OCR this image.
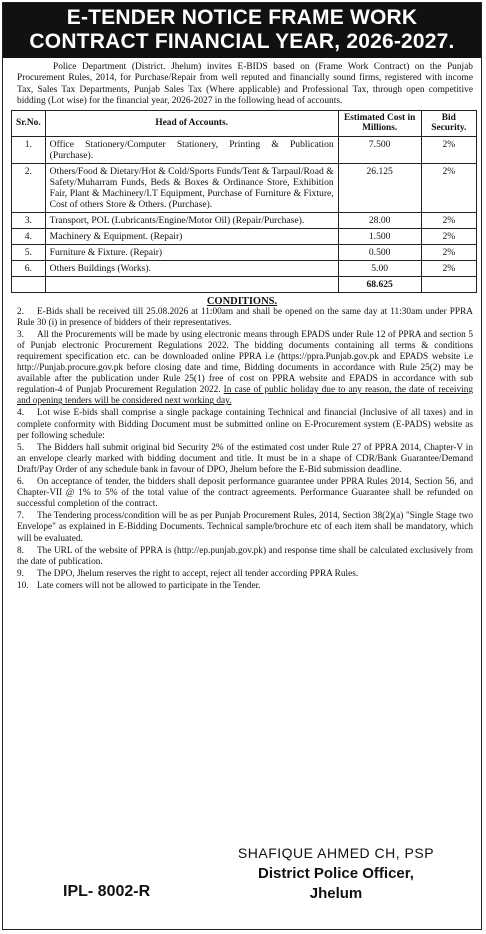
E-TENDER NOTICE FRAME WORK
CONTRACT FINANCIAL YEAR, 2026-2027.
Police Department (District. Jhelum) invites E-BIDS based on (Frame Work Contract) on the Punjab Procurement Rules, 2014, for Purchase/Repair from well reputed and financially sound firms, registered with income Tax, Sales Tax Departments, Punjab Sales Tax (Where applicable) and Professional Tax, through open competitive bidding (Lot wise) for the financial year, 2026-2027 in the following head of accounts.
Sr.No.	Head of Accounts.	Estimated Cost in Millions.	Bid Security.
1.	Office Stationery/Computer Stationery, Printing & Publication (Purchase).	7.500	2%
2.	Others/Food & Dietary/Hot & Cold/Sports Funds/Tent & Tarpaul/Road & Safety/Muharram Funds, Beds & Boxes & Ordinance Store, Exhibition Fair, Plant & Machinery/I.T Equipment, Purchase of Furniture & Fixture, Cost of others Store & Others. (Purchase).	26.125	2%
3.	Transport, POL (Lubricants/Engine/Motor Oil) (Repair/Purchase).	28.00	2%
4.	Machinery & Equipment. (Repair)	1.500	2%
5.	Furniture & Fixture. (Repair)	0.500	2%
6.	Others Buildings (Works).	5.00	2%
		68.625	
CONDITIONS.

2. E-Bids shall be received till 25.08.2026 at 11:00am and shall be opened on the same day at 11:30am under PPRA Rule 30 (i) in presence of bidders of their representatives.

3. All the Procurements will be made by using electronic means through EPADS under Rule 12 of PPRA and section 5 of Punjab electronic Procurement Regulations 2022. The bidding documents containing all terms & conditions requirement specification etc. can be downloaded online PPRA i.e (https://ppra.Punjab.gov.pk and EPADS website i.e http://Punjab.procure.gov.pk before closing date and time, Bidding documents in accordance with Rule 25(2) may be available after the publication under Rule 25(1) free of cost on PPRA website and EPADS in accordance with sub regulation-4 of Punjab Procurement Regulation 2022. In case of public holiday due to any reason, the date of receiving and opening tenders will be considered next working day.

4. Lot wise E-bids shall comprise a single package containing Technical and financial (Inclusive of all taxes) and in complete conformity with Bidding Document must be submitted online on E-Procurement system (E-PADS) website as per following schedule:

5. The Bidders hall submit original bid Security 2% of the estimated cost under Rule 27 of PPRA 2014, Chapter-V in an envelope clearly marked with bidding document and title. It must be in a shape of CDR/Bank Guarantee/Demand Draft/Pay Order of any schedule bank in favour of DPO, Jhelum before the E-Bid submission deadline.

6. On acceptance of tender, the bidders shall deposit performance guarantee under PPRA Rules 2014, Section 56, and Chapter-VII @ 1% to 5% of the total value of the contract agreements. Performance Guarantee shall be refunded on successful completion of the contract.

7. The Tendering process/condition will be as per Punjab Procurement Rules, 2014, Section 38(2)(a) "Single Stage two Envelope" as explained in E-Bidding Documents. Technical sample/brochure etc of each item shall be mandatory, which will be evaluated.

8. The URL of the website of PPRA is (http://ep.punjab.gov.pk) and response time shall be calculated exclusively from the date of publication.

9. The DPO, Jhelum reserves the right to accept, reject all tender according PPRA Rules.

10. Late comers will not be allowed to participate in the Tender.

IPL- 8002-R
SHAFIQUE AHMED CH, PSP
District Police Officer,
Jhelum
